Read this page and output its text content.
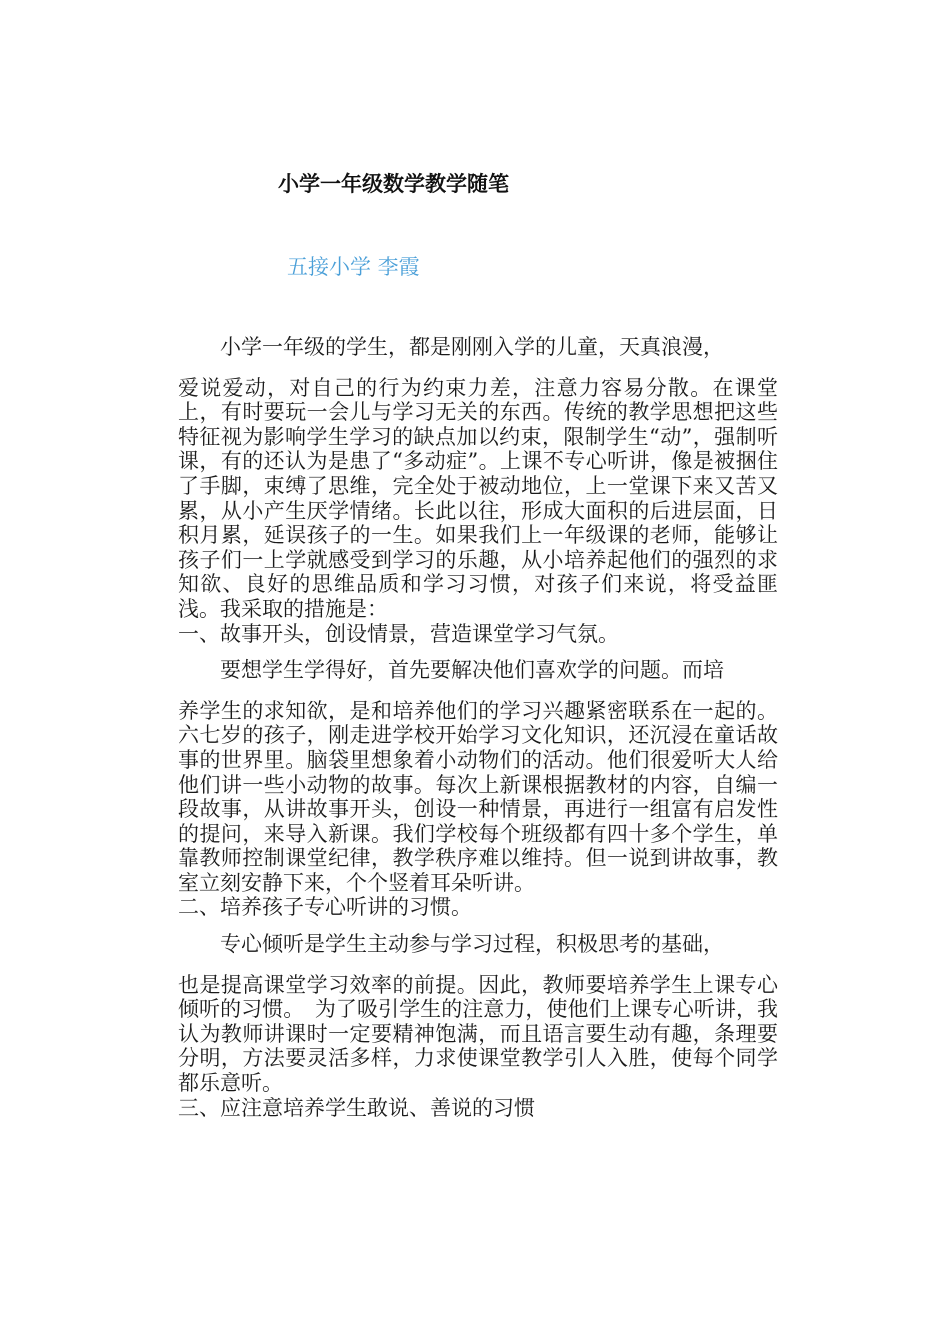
小学一年级数学教学随笔
五接小学 李霞

小学一年级的学生，都是刚刚入学的儿童，天真浪漫，
爱说爱动，对自己的行为约束力差，注意力容易分散。在课堂上，有时要玩一会儿与学习无关的东西。传统的教学思想把这些特征视为影响学生学习的缺点加以约束，限制学生“动”，强制听课，有的还认为是患了“多动症”。上课不专心听讲，像是被捆住了手脚，束缚了思维，完全处于被动地位，上一堂课下来又苦又累，从小产生厌学情绪。长此以往，形成大面积的后进层面，日积月累，延误孩子的一生。如果我们上一年级课的老师，能够让孩子们一上学就感受到学习的乐趣，从小培养起他们的强烈的求知欲、良好的思维品质和学习习惯，对孩子们来说，将受益匪浅。我采取的措施是：

一、故事开头，创设情景，营造课堂学习气氛。

要想学生学得好，首先要解决他们喜欢学的问题。而培
养学生的求知欲，是和培养他们的学习兴趣紧密联系在一起的。六七岁的孩子，刚走进学校开始学习文化知识，还沉浸在童话故事的世界里。脑袋里想象着小动物们的活动。他们很爱听大人给他们讲一些小动物的故事。每次上新课根据教材的内容，自编一段故事，从讲故事开头，创设一种情景，再进行一组富有启发性的提问，来导入新课。我们学校每个班级都有四十多个学生，单靠教师控制课堂纪律，教学秩序难以维持。但一说到讲故事，教室立刻安静下来，个个竖着耳朵听讲。

二、培养孩子专心听讲的习惯。

专心倾听是学生主动参与学习过程，积极思考的基础，
也是提高课堂学习效率的前提。因此，教师要培养学生上课专心倾听的习惯。　为了吸引学生的注意力，使他们上课专心听讲，我认为教师讲课时一定要精神饱满，而且语言要生动有趣，条理要分明，方法要灵活多样，力求使课堂教学引人入胜，使每个同学都乐意听。

三、应注意培养学生敢说、善说的习惯
